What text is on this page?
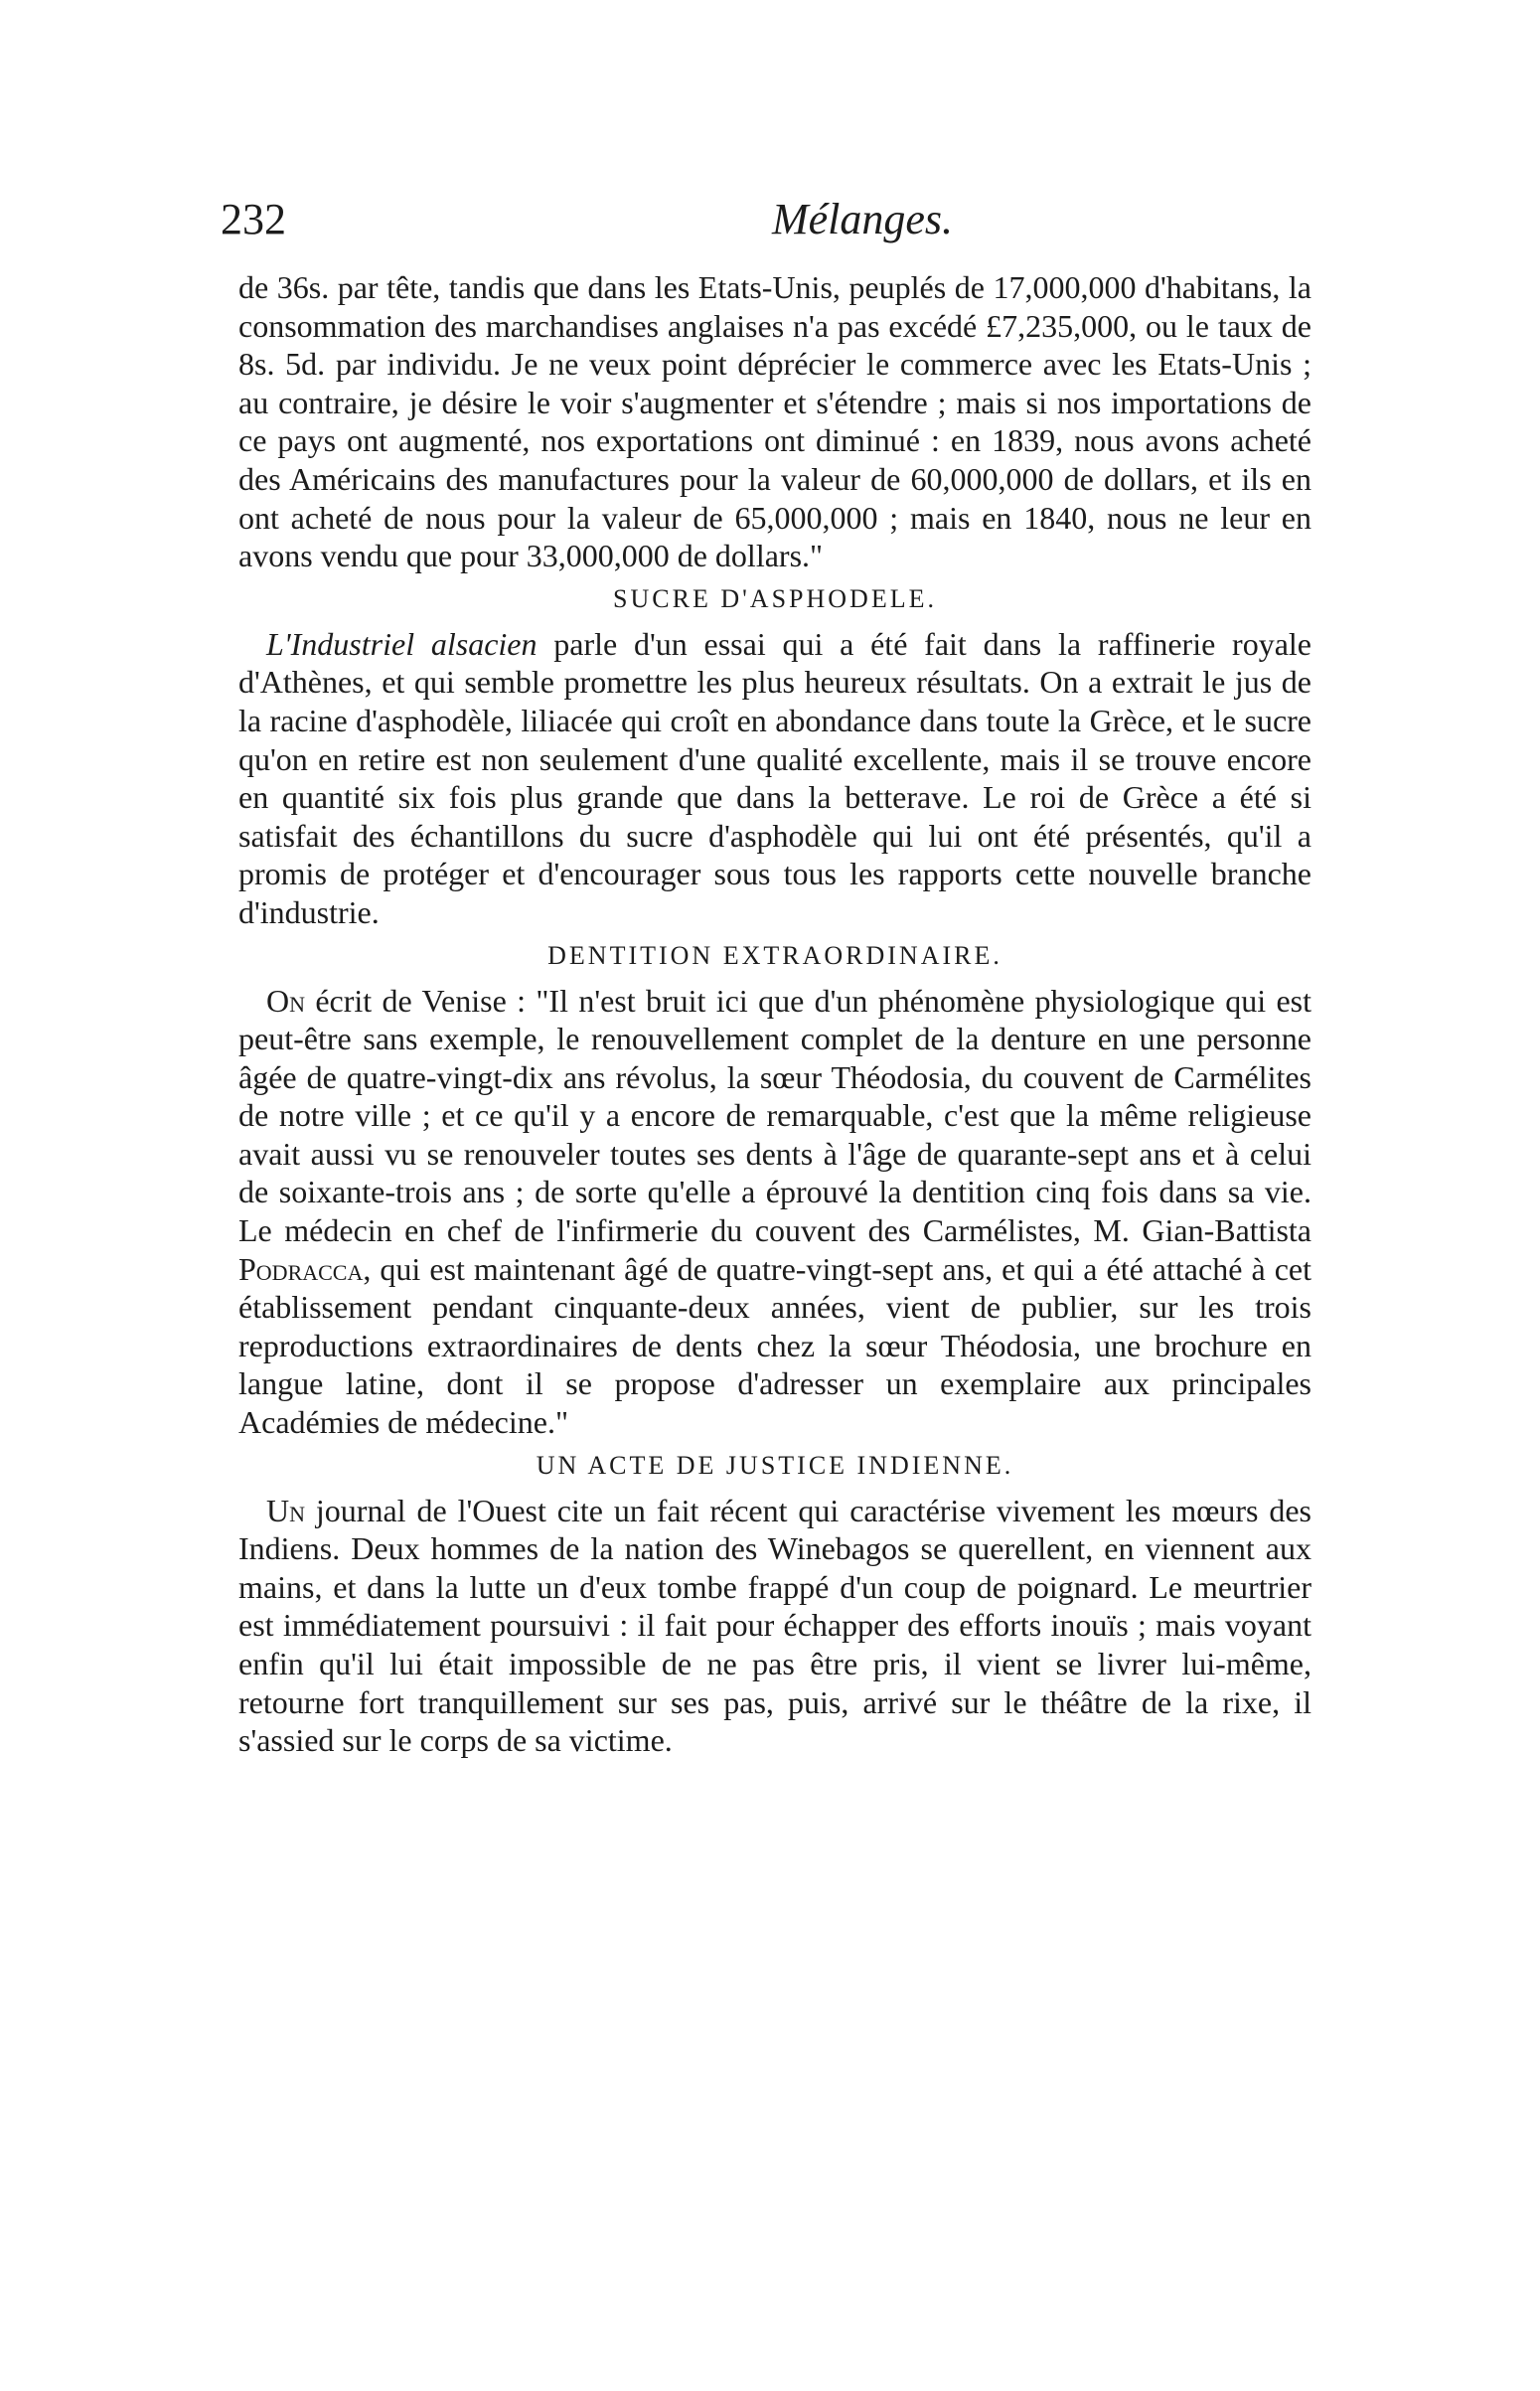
232	Mélanges.

de 36s. par tête, tandis que dans les Etats-Unis, peuplés de 17,000,000 d'habitans, la consommation des marchandises anglaises n'a pas excédé £7,235,000, ou le taux de 8s. 5d. par individu. Je ne veux point déprécier le commerce avec les Etats-Unis ; au contraire, je désire le voir s'augmenter et s'étendre ; mais si nos importations de ce pays ont augmenté, nos exportations ont diminué : en 1839, nous avons acheté des Américains des manufactures pour la valeur de 60,000,000 de dollars, et ils en ont acheté de nous pour la valeur de 65,000,000 ; mais en 1840, nous ne leur en avons vendu que pour 33,000,000 de dollars."

SUCRE D'ASPHODELE.

L'Industriel alsacien parle d'un essai qui a été fait dans la raffinerie royale d'Athènes, et qui semble promettre les plus heureux résultats. On a extrait le jus de la racine d'asphodèle, liliacée qui croît en abondance dans toute la Grèce, et le sucre qu'on en retire est non seulement d'une qualité excellente, mais il se trouve encore en quantité six fois plus grande que dans la betterave. Le roi de Grèce a été si satisfait des échantillons du sucre d'asphodèle qui lui ont été présentés, qu'il a promis de protéger et d'encourager sous tous les rapports cette nouvelle branche d'industrie.

DENTITION EXTRAORDINAIRE.

On écrit de Venise : "Il n'est bruit ici que d'un phénomène physiologique qui est peut-être sans exemple, le renouvellement complet de la denture en une personne âgée de quatre-vingt-dix ans révolus, la sœur Théodosia, du couvent de Carmélites de notre ville ; et ce qu'il y a encore de remarquable, c'est que la même religieuse avait aussi vu se renouveler toutes ses dents à l'âge de quarante-sept ans et à celui de soixante-trois ans ; de sorte qu'elle a éprouvé la dentition cinq fois dans sa vie. Le médecin en chef de l'infirmerie du couvent des Carmélistes, M. Gian-Battista Podracca, qui est maintenant âgé de quatre-vingt-sept ans, et qui a été attaché à cet établissement pendant cinquante-deux années, vient de publier, sur les trois reproductions extraordinaires de dents chez la sœur Théodosia, une brochure en langue latine, dont il se propose d'adresser un exemplaire aux principales Académies de médecine."

UN ACTE DE JUSTICE INDIENNE.

Un journal de l'Ouest cite un fait récent qui caractérise vivement les mœurs des Indiens. Deux hommes de la nation des Winebagos se querellent, en viennent aux mains, et dans la lutte un d'eux tombe frappé d'un coup de poignard. Le meurtrier est immédiatement poursuivi : il fait pour échapper des efforts inouïs ; mais voyant enfin qu'il lui était impossible de ne pas être pris, il vient se livrer lui-même, retourne fort tranquillement sur ses pas, puis, arrivé sur le théâtre de la rixe, il s'assied sur le corps de sa victime.
